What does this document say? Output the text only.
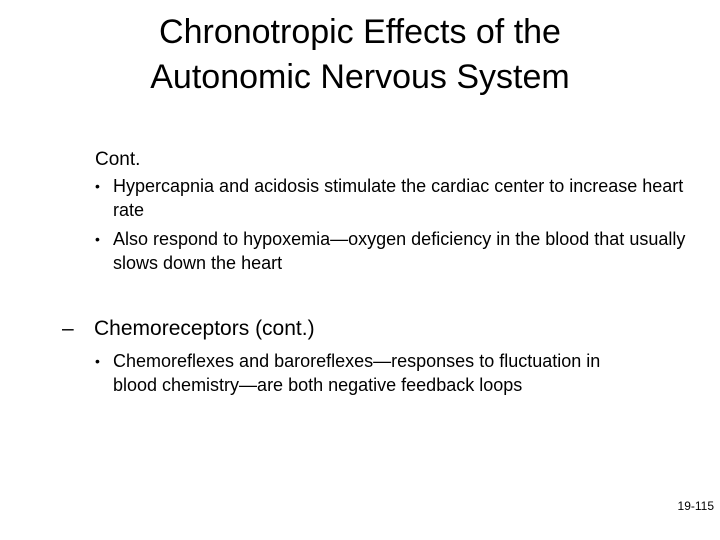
Chronotropic Effects of the
Autonomic Nervous System
Cont.
• Hypercapnia and acidosis stimulate the cardiac center to increase heart rate
• Also respond to hypoxemia—oxygen deficiency in the blood that usually slows down the heart
– Chemoreceptors (cont.)
• Chemoreflexes and baroreflexes—responses to fluctuation in blood chemistry—are both negative feedback loops
19-115
